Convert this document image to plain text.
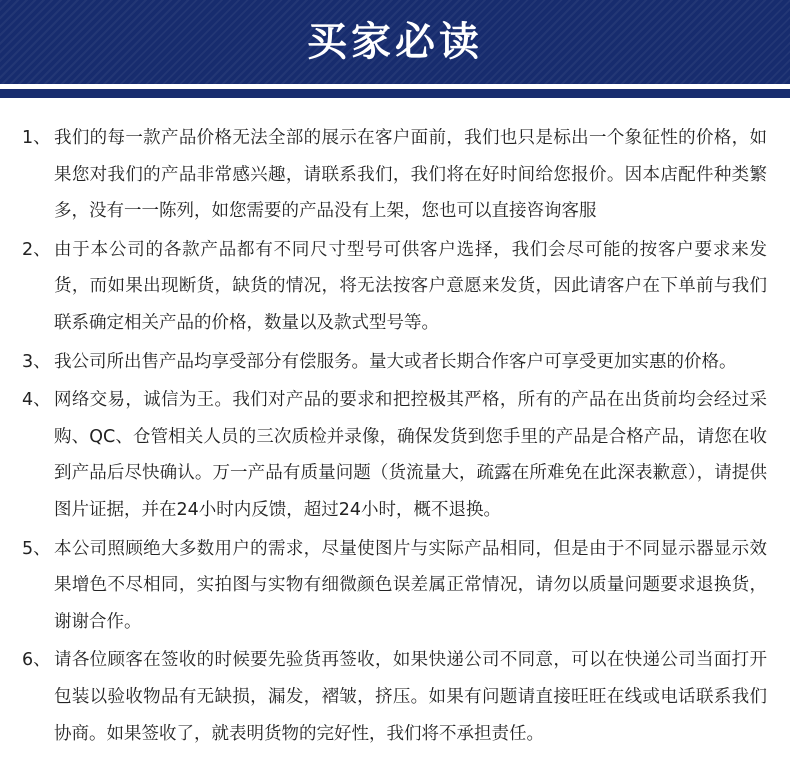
买家必读
1、 我们的每一款产品价格无法全部的展示在客户面前，我们也只是标出一个象征性的价格，如果您对我们的产品非常感兴趣，请联系我们，我们将在好时间给您报价。因本店配件种类繁多，没有一一陈列，如您需要的产品没有上架，您也可以直接咨询客服
2、 由于本公司的各款产品都有不同尺寸型号可供客户选择，我们会尽可能的按客户要求来发货，而如果出现断货，缺货的情况，将无法按客户意愿来发货，因此请客户在下单前与我们联系确定相关产品的价格，数量以及款式型号等。
3、 我公司所出售产品均享受部分有偿服务。量大或者长期合作客户可享受更加实惠的价格。
4、 网络交易，诚信为王。我们对产品的要求和把控极其严格，所有的产品在出货前均会经过采购、QC、仓管相关人员的三次质检并录像，确保发货到您手里的产品是合格产品，请您在收到产品后尽快确认。万一产品有质量问题（货流量大，疏露在所难免在此深表歉意），请提供图片证据，并在24小时内反馈，超过24小时，概不退换。
5、 本公司照顾绝大多数用户的需求，尽量使图片与实际产品相同，但是由于不同显示器显示效果增色不尽相同，实拍图与实物有细微颜色误差属正常情况，请勿以质量问题要求退换货，谢谢合作。
6、 请各位顾客在签收的时候要先验货再签收，如果快递公司不同意，可以在快递公司当面打开包装以验收物品有无缺损，漏发，褶皱，挤压。如果有问题请直接旺旺在线或电话联系我们协商。如果签收了，就表明货物的完好性，我们将不承担责任。
